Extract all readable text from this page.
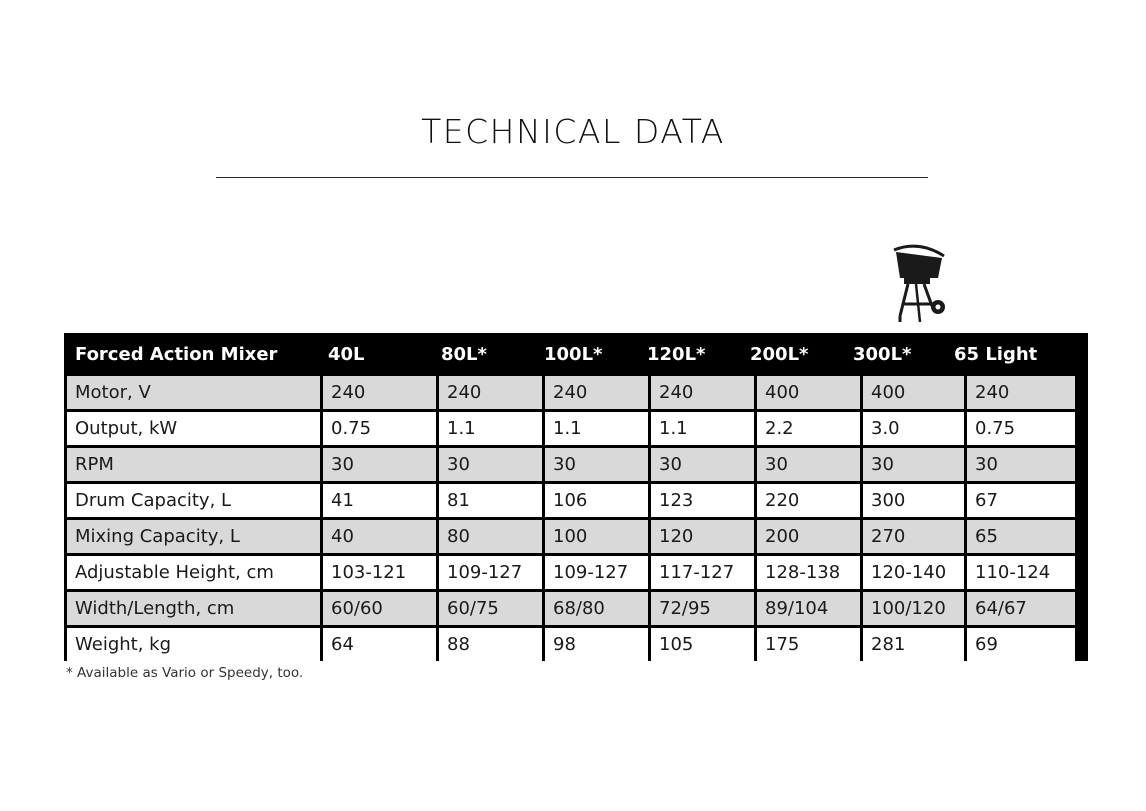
TECHNICAL DATA
Forced Action Mixer	40L	80L*	100L*	120L*	200L*	300L*	65 Light
Motor, V	240	240	240	240	400	400	240
Output, kW	0.75	1.1	1.1	1.1	2.2	3.0	0.75
RPM	30	30	30	30	30	30	30
Drum Capacity, L	41	81	106	123	220	300	67
Mixing Capacity, L	40	80	100	120	200	270	65
Adjustable Height, cm	103-121	109-127	109-127	117-127	128-138	120-140	110-124
Width/Length, cm	60/60	60/75	68/80	72/95	89/104	100/120	64/67
Weight, kg	64	88	98	105	175	281	69
* Available as Vario or Speedy, too.
